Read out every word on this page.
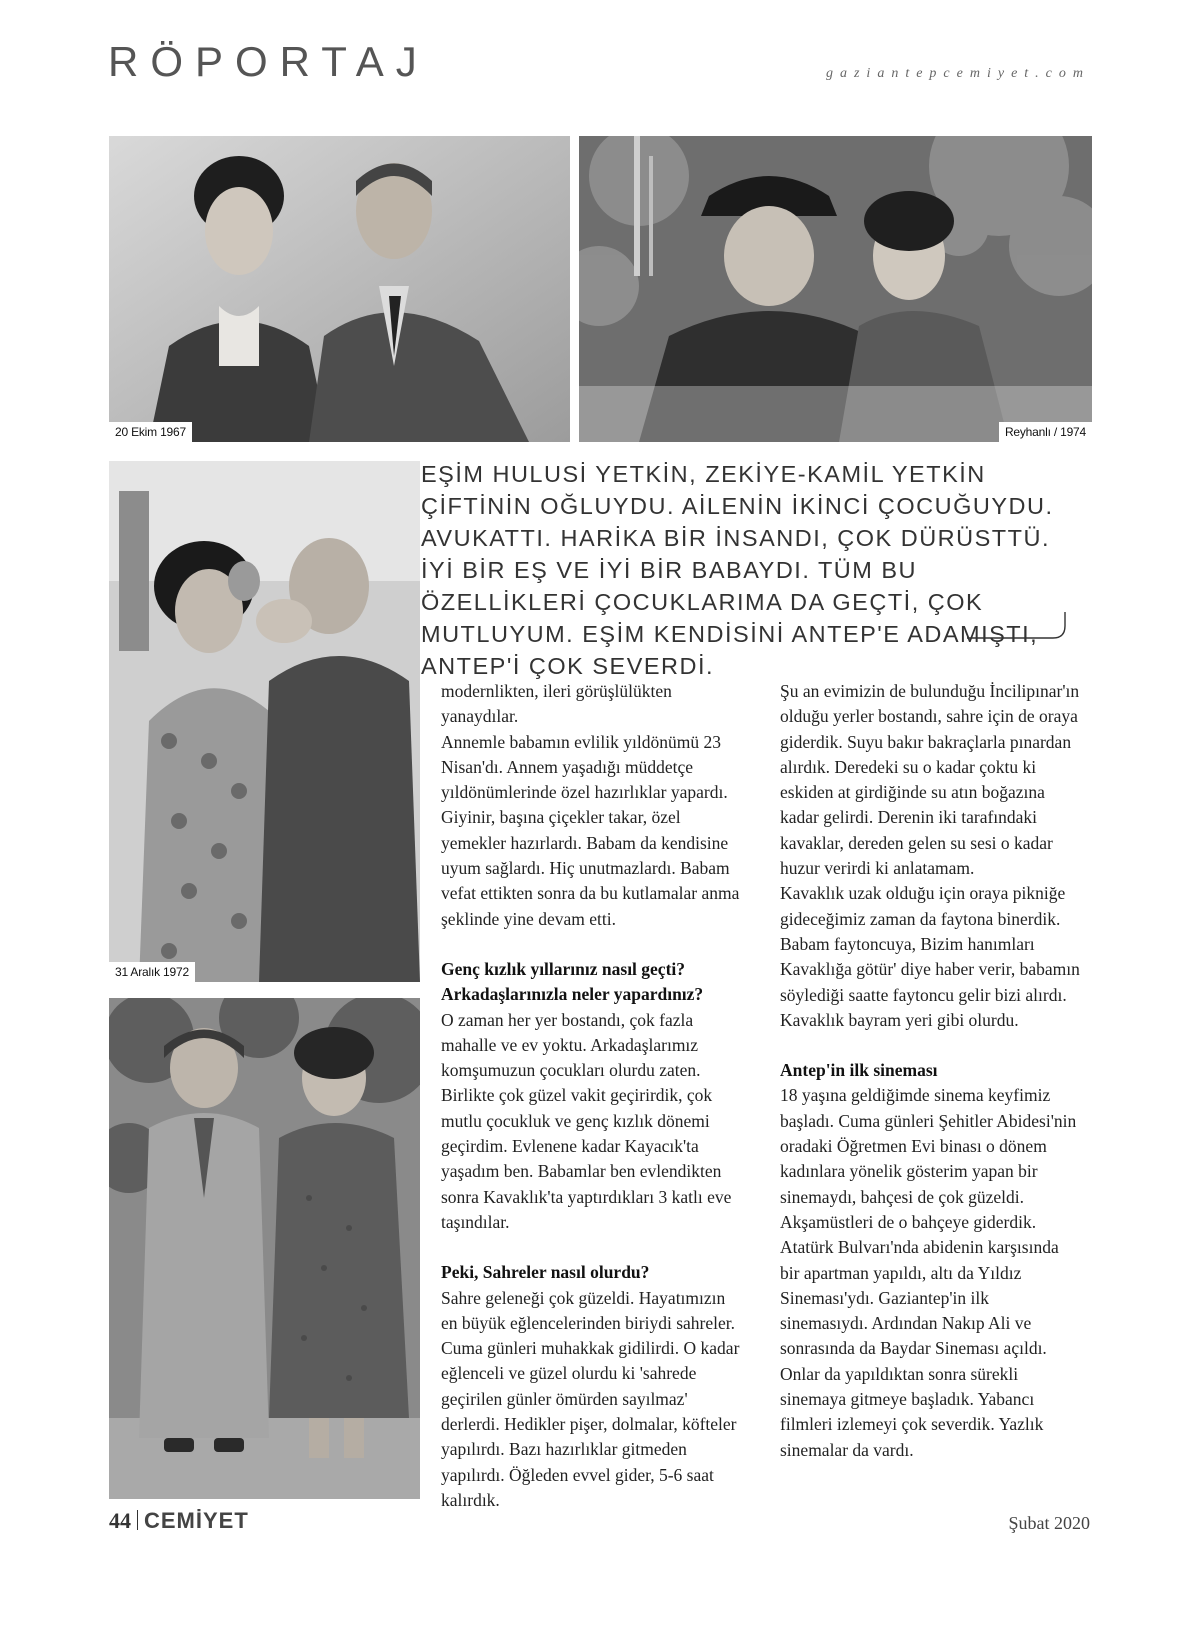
RÖPORTAJ	gaziantepcemiyet.com
20 Ekim 1967	Reyhanlı / 1974
31 Aralık 1972

EŞİM HULUSİ YETKİN, ZEKİYE-KAMİL YETKİN ÇİFTİNİN OĞLUYDU. AİLENİN İKİNCİ ÇOCUĞUYDU. AVUKATTI. HARİKA BİR İNSANDI, ÇOK DÜRÜSTTÜ. İYİ BİR EŞ VE İYİ BİR BABAYDI. TÜM BU ÖZELLİKLERİ ÇOCUKLARIMA DA GEÇTİ, ÇOK MUTLUYUM. EŞİM KENDİSİNİ ANTEP'E ADAMIŞTI, ANTEP'İ ÇOK SEVERDİ.

modernlikten, ileri görüşlülükten yanaydılar.

Annemle babamın evlilik yıldönümü 23 Nisan'dı. Annem yaşadığı müddetçe yıldönümlerinde özel hazırlıklar yapardı. Giyinir, başına çiçekler takar, özel yemekler hazırlardı. Babam da kendisine uyum sağlardı. Hiç unutmazlardı. Babam vefat ettikten sonra da bu kutlamalar anma şeklinde yine devam etti.

Genç kızlık yıllarınız nasıl geçti? Arkadaşlarınızla neler yapardınız?

O zaman her yer bostandı, çok fazla mahalle ve ev yoktu. Arkadaşlarımız komşumuzun çocukları olurdu zaten. Birlikte çok güzel vakit geçirirdik, çok mutlu çocukluk ve genç kızlık dönemi geçirdim. Evlenene kadar Kayacık'ta yaşadım ben. Babamlar ben evlendikten sonra Kavaklık'ta yaptırdıkları 3 katlı eve taşındılar.

Peki, Sahreler nasıl olurdu?

Sahre geleneği çok güzeldi. Hayatımızın en büyük eğlencelerinden biriydi sahreler. Cuma günleri muhakkak gidilirdi. O kadar eğlenceli ve güzel olurdu ki 'sahrede geçirilen günler ömürden sayılmaz' derlerdi. Hedikler pişer, dolmalar, köfteler yapılırdı. Bazı hazırlıklar gitmeden yapılırdı. Öğleden evvel gider, 5-6 saat kalırdık.

Şu an evimizin de bulunduğu İncilipınar'ın olduğu yerler bostandı, sahre için de oraya giderdik. Suyu bakır bakraçlarla pınardan alırdık. Deredeki su o kadar çoktu ki eskiden at girdiğinde su atın boğazına kadar gelirdi. Derenin iki tarafındaki kavaklar, dereden gelen su sesi o kadar huzur verirdi ki anlatamam.

Kavaklık uzak olduğu için oraya pikniğe gideceğimiz zaman da faytona binerdik. Babam faytoncuya, Bizim hanımları Kavaklığa götür' diye haber verir, babamın söylediği saatte faytoncu gelir bizi alırdı. Kavaklık bayram yeri gibi olurdu.

Antep'in ilk sineması

18 yaşına geldiğimde sinema keyfimiz başladı. Cuma günleri Şehitler Abidesi'nin oradaki Öğretmen Evi binası o dönem kadınlara yönelik gösterim yapan bir sinemaydı, bahçesi de çok güzeldi. Akşamüstleri de o bahçeye giderdik. Atatürk Bulvarı'nda abidenin karşısında bir apartman yapıldı, altı da Yıldız Sineması'ydı. Gaziantep'in ilk sinemasıydı. Ardından Nakıp Ali ve sonrasında da Baydar Sineması açıldı. Onlar da yapıldıktan sonra sürekli sinemaya gitmeye başladık. Yabancı filmleri izlemeyi çok severdik. Yazlık sinemalar da vardı.

44 CEMİYET	Şubat 2020
